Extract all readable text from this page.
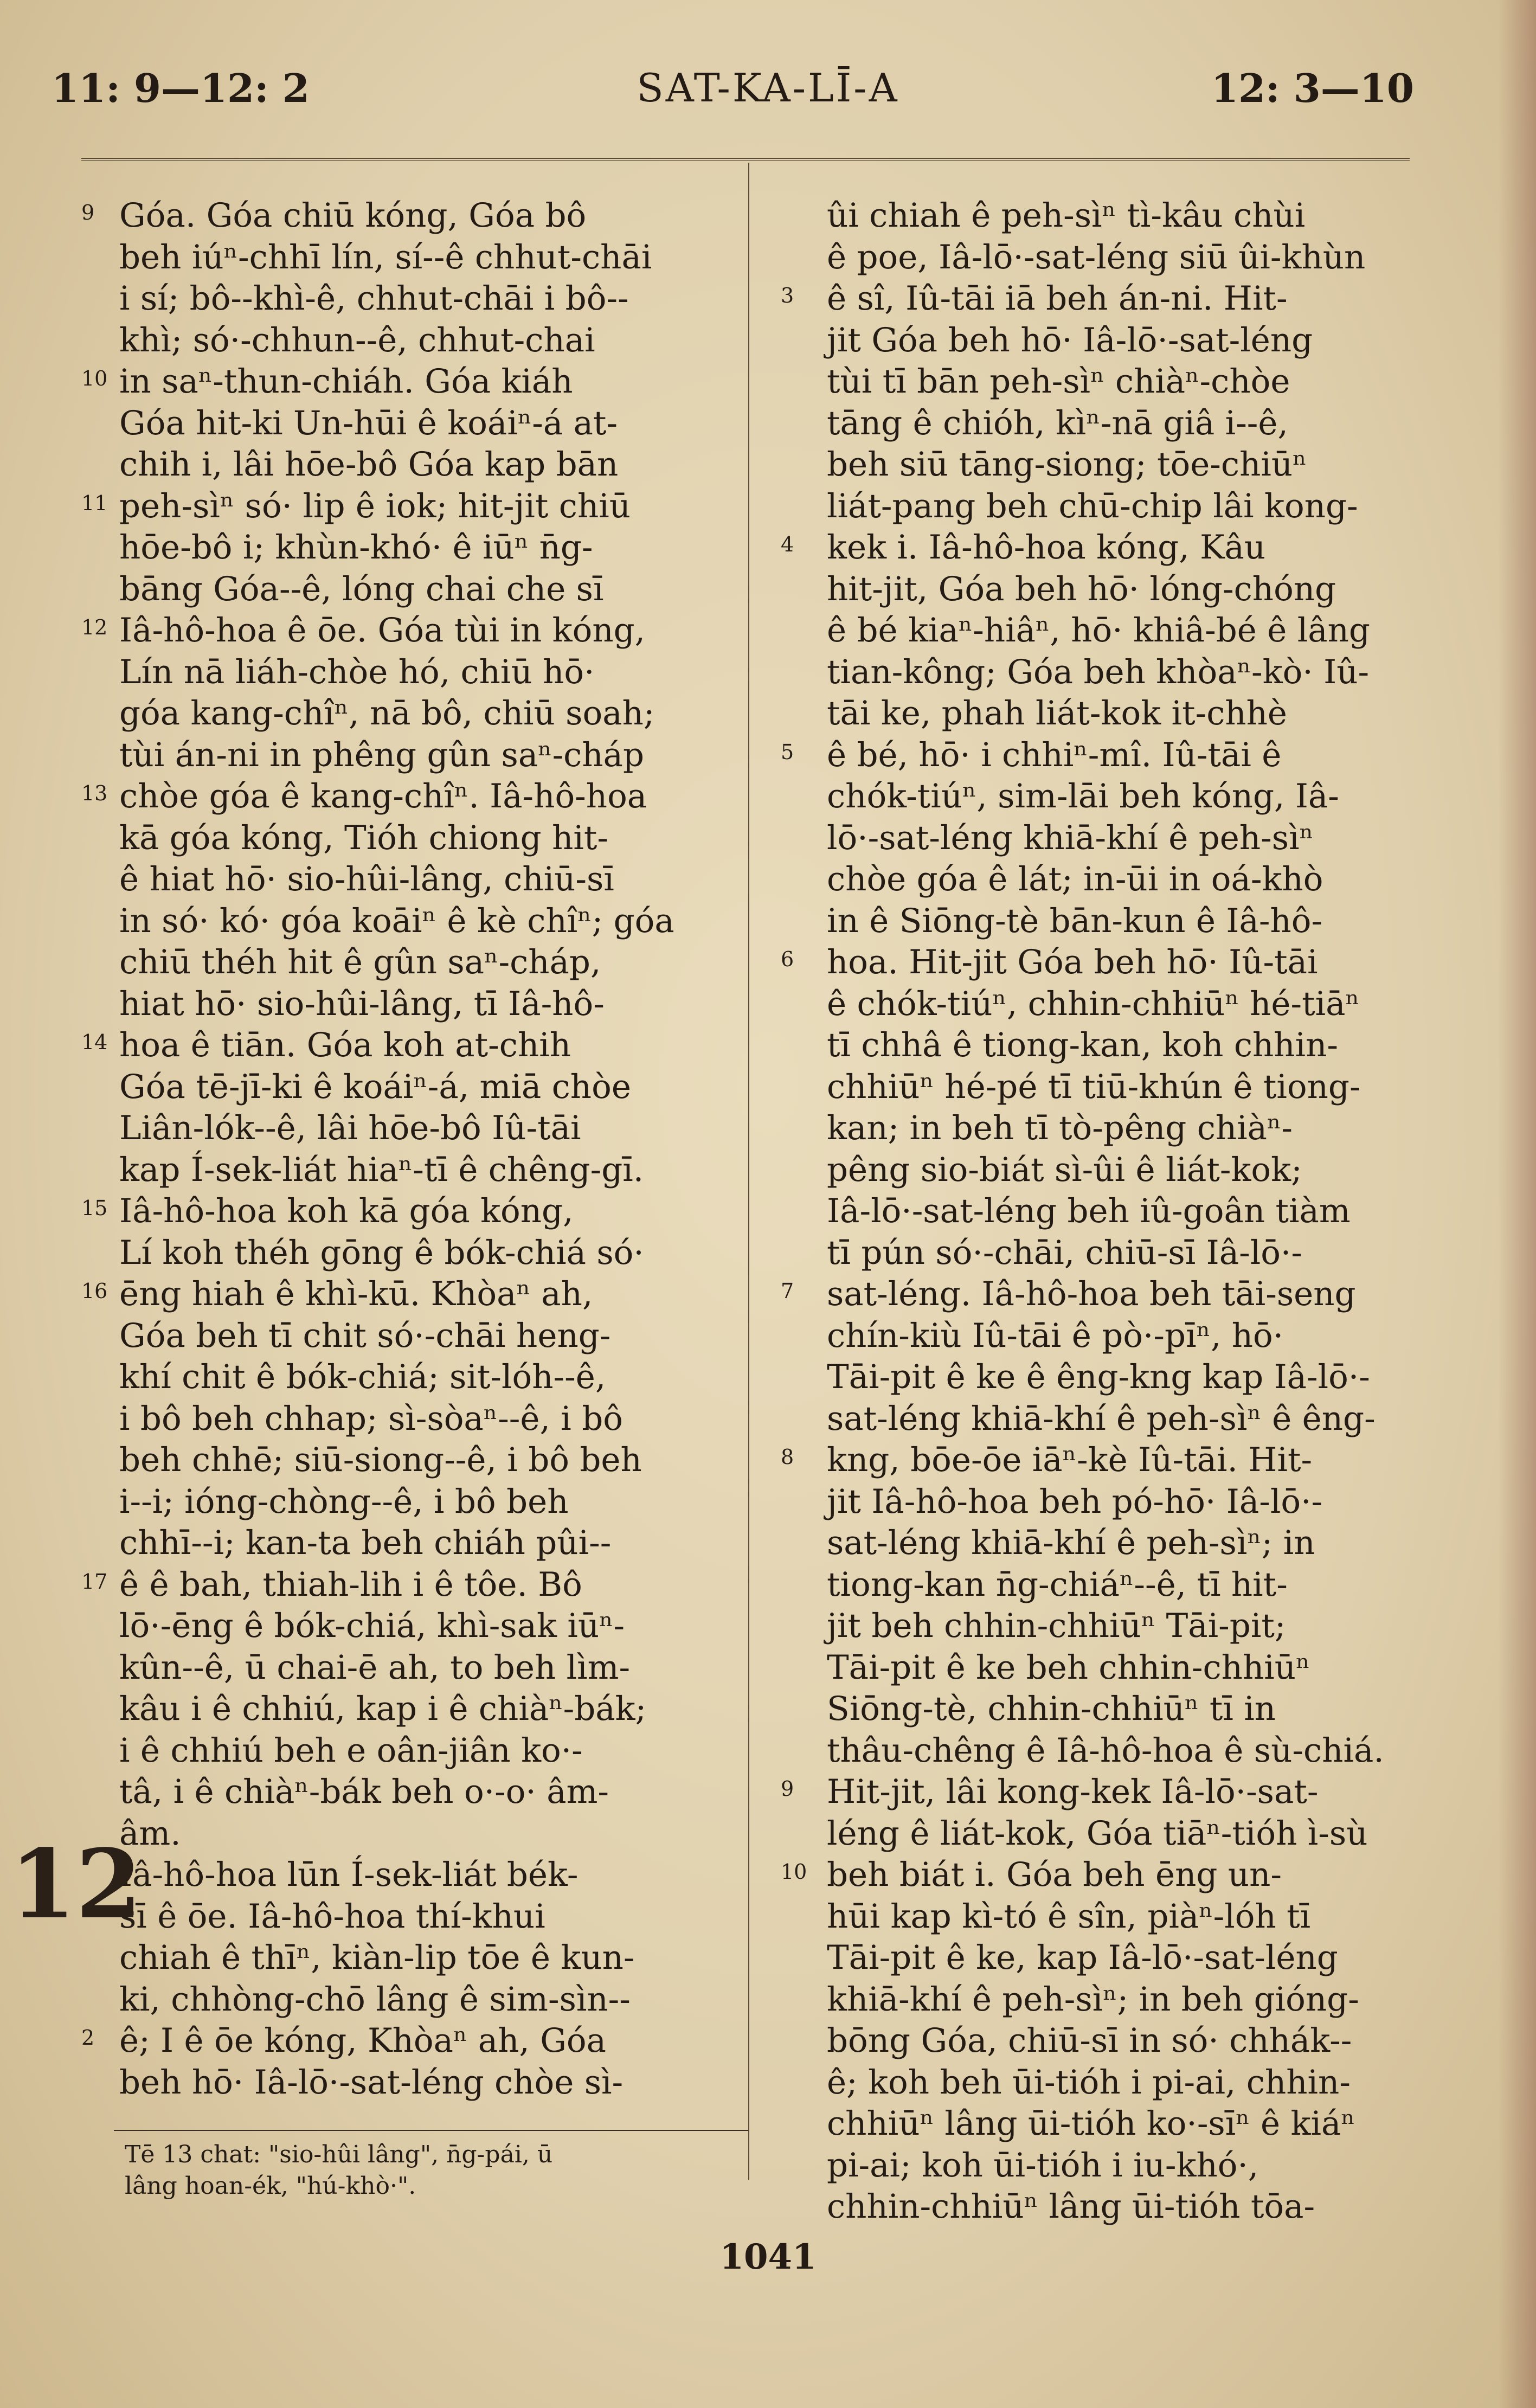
11: 9—12: 2	SAT-KA-LĪ-A	12: 3—10
9 Góa. Góa chiū kóng, Góa bô
beh iúⁿ-chhī lín, sí--ê chhut-chāi
i sí; bô--khì-ê, chhut-chāi i bô--
khì; só·-chhun--ê, chhut-chai
10 in saⁿ-thun-chiáh. Góa kiáh
Góa hit-ki Un-hūi ê koáiⁿ-á at-
chih i, lâi hōe-bô Góa kap bān
11 peh-sìⁿ só· lip ê iok; hit-jit chiū
hōe-bô i; khùn-khó· ê iūⁿ n̄g-
bāng Góa--ê, lóng chai che sī
12 Iâ-hô-hoa ê ōe. Góa tùi in kóng,
Lín nā liáh-chòe hó, chiū hō·
góa kang-chîⁿ, nā bô, chiū soah;
tùi án-ni in phêng gûn saⁿ-cháp
13 chòe góa ê kang-chîⁿ. Iâ-hô-hoa
kā góa kóng, Tióh chiong hit-
ê hiat hō· sio-hûi-lâng, chiū-sī
in só· kó· góa koāiⁿ ê kè chîⁿ; góa
chiū théh hit ê gûn saⁿ-cháp,
hiat hō· sio-hûi-lâng, tī Iâ-hô-
14 hoa ê tiān. Góa koh at-chih
Góa tē-jī-ki ê koáiⁿ-á, miā chòe
Liân-lók--ê, lâi hōe-bô Iû-tāi
kap Í-sek-liát hiaⁿ-tī ê chêng-gī.
15 Iâ-hô-hoa koh kā góa kóng,
Lí koh théh gōng ê bók-chiá só·
16 ēng hiah ê khì-kū. Khòaⁿ ah,
Góa beh tī chit só·-chāi heng-
khí chit ê bók-chiá; sit-lóh--ê,
i bô beh chhap; sì-sòaⁿ--ê, i bô
beh chhē; siū-siong--ê, i bô beh
i--i; ióng-chòng--ê, i bô beh
chhī--i; kan-ta beh chiáh pûi--
17 ê ê bah, thiah-lih i ê tôe. Bô
lō·-ēng ê bók-chiá, khì-sak iūⁿ-
kûn--ê, ū chai-ē ah, to beh lìm-
kâu i ê chhiú, kap i ê chiàⁿ-bák;
i ê chhiú beh e oân-jiân ko·-
tâ, i ê chiàⁿ-bák beh o·-o· âm-
âm.
Iâ-hô-hoa lūn Í-sek-liát bék-
sī ê ōe. Iâ-hô-hoa thí-khui
chiah ê thīⁿ, kiàn-lip tōe ê kun-
ki, chhòng-chō lâng ê sim-sìn--
2 ê; I ê ōe kóng, Khòaⁿ ah, Góa
beh hō· Iâ-lō·-sat-léng chòe sì-
12
ûi chiah ê peh-sìⁿ tì-kâu chùi
ê poe, Iâ-lō·-sat-léng siū ûi-khùn
3 ê sî, Iû-tāi iā beh án-ni. Hit-
jit Góa beh hō· Iâ-lō·-sat-léng
tùi tī bān peh-sìⁿ chiàⁿ-chòe
tāng ê chióh, kìⁿ-nā giâ i--ê,
beh siū tāng-siong; tōe-chiūⁿ
liát-pang beh chū-chip lâi kong-
4 kek i. Iâ-hô-hoa kóng, Kâu
hit-jit, Góa beh hō· lóng-chóng
ê bé kiaⁿ-hiâⁿ, hō· khiâ-bé ê lâng
tian-kông; Góa beh khòaⁿ-kò· Iû-
tāi ke, phah liát-kok it-chhè
5 ê bé, hō· i chhiⁿ-mî. Iû-tāi ê
chók-tiúⁿ, sim-lāi beh kóng, Iâ-
lō·-sat-léng khiā-khí ê peh-sìⁿ
chòe góa ê lát; in-ūi in oá-khò
in ê Siōng-tè bān-kun ê Iâ-hô-
6 hoa. Hit-jit Góa beh hō· Iû-tāi
ê chók-tiúⁿ, chhin-chhiūⁿ hé-tiāⁿ
tī chhâ ê tiong-kan, koh chhin-
chhiūⁿ hé-pé tī tiū-khún ê tiong-
kan; in beh tī tò-pêng chiàⁿ-
pêng sio-biát sì-ûi ê liát-kok;
Iâ-lō·-sat-léng beh iû-goân tiàm
tī pún só·-chāi, chiū-sī Iâ-lō·-
7 sat-léng. Iâ-hô-hoa beh tāi-seng
chín-kiù Iû-tāi ê pò·-pīⁿ, hō·
Tāi-pit ê ke ê êng-kng kap Iâ-lō·-
sat-léng khiā-khí ê peh-sìⁿ ê êng-
8 kng, bōe-ōe iāⁿ-kè Iû-tāi. Hit-
jit Iâ-hô-hoa beh pó-hō· Iâ-lō·-
sat-léng khiā-khí ê peh-sìⁿ; in
tiong-kan n̄g-chiáⁿ--ê, tī hit-
jit beh chhin-chhiūⁿ Tāi-pit;
Tāi-pit ê ke beh chhin-chhiūⁿ
Siōng-tè, chhin-chhiūⁿ tī in
thâu-chêng ê Iâ-hô-hoa ê sù-chiá.
9 Hit-jit, lâi kong-kek Iâ-lō·-sat-
léng ê liát-kok, Góa tiāⁿ-tióh ì-sù
10 beh biát i. Góa beh ēng un-
hūi kap kì-tó ê sîn, piàⁿ-lóh tī
Tāi-pit ê ke, kap Iâ-lō·-sat-léng
khiā-khí ê peh-sìⁿ; in beh gióng-
bōng Góa, chiū-sī in só· chhák--
ê; koh beh ūi-tióh i pi-ai, chhin-
chhiūⁿ lâng ūi-tióh ko·-sīⁿ ê kiáⁿ
pi-ai; koh ūi-tióh i iu-khó·,
chhin-chhiūⁿ lâng ūi-tióh tōa-
Tē 13 chat: "sio-hûi lâng", n̄g-pái, ū
lâng hoan-ék, "hú-khò·".
1041
